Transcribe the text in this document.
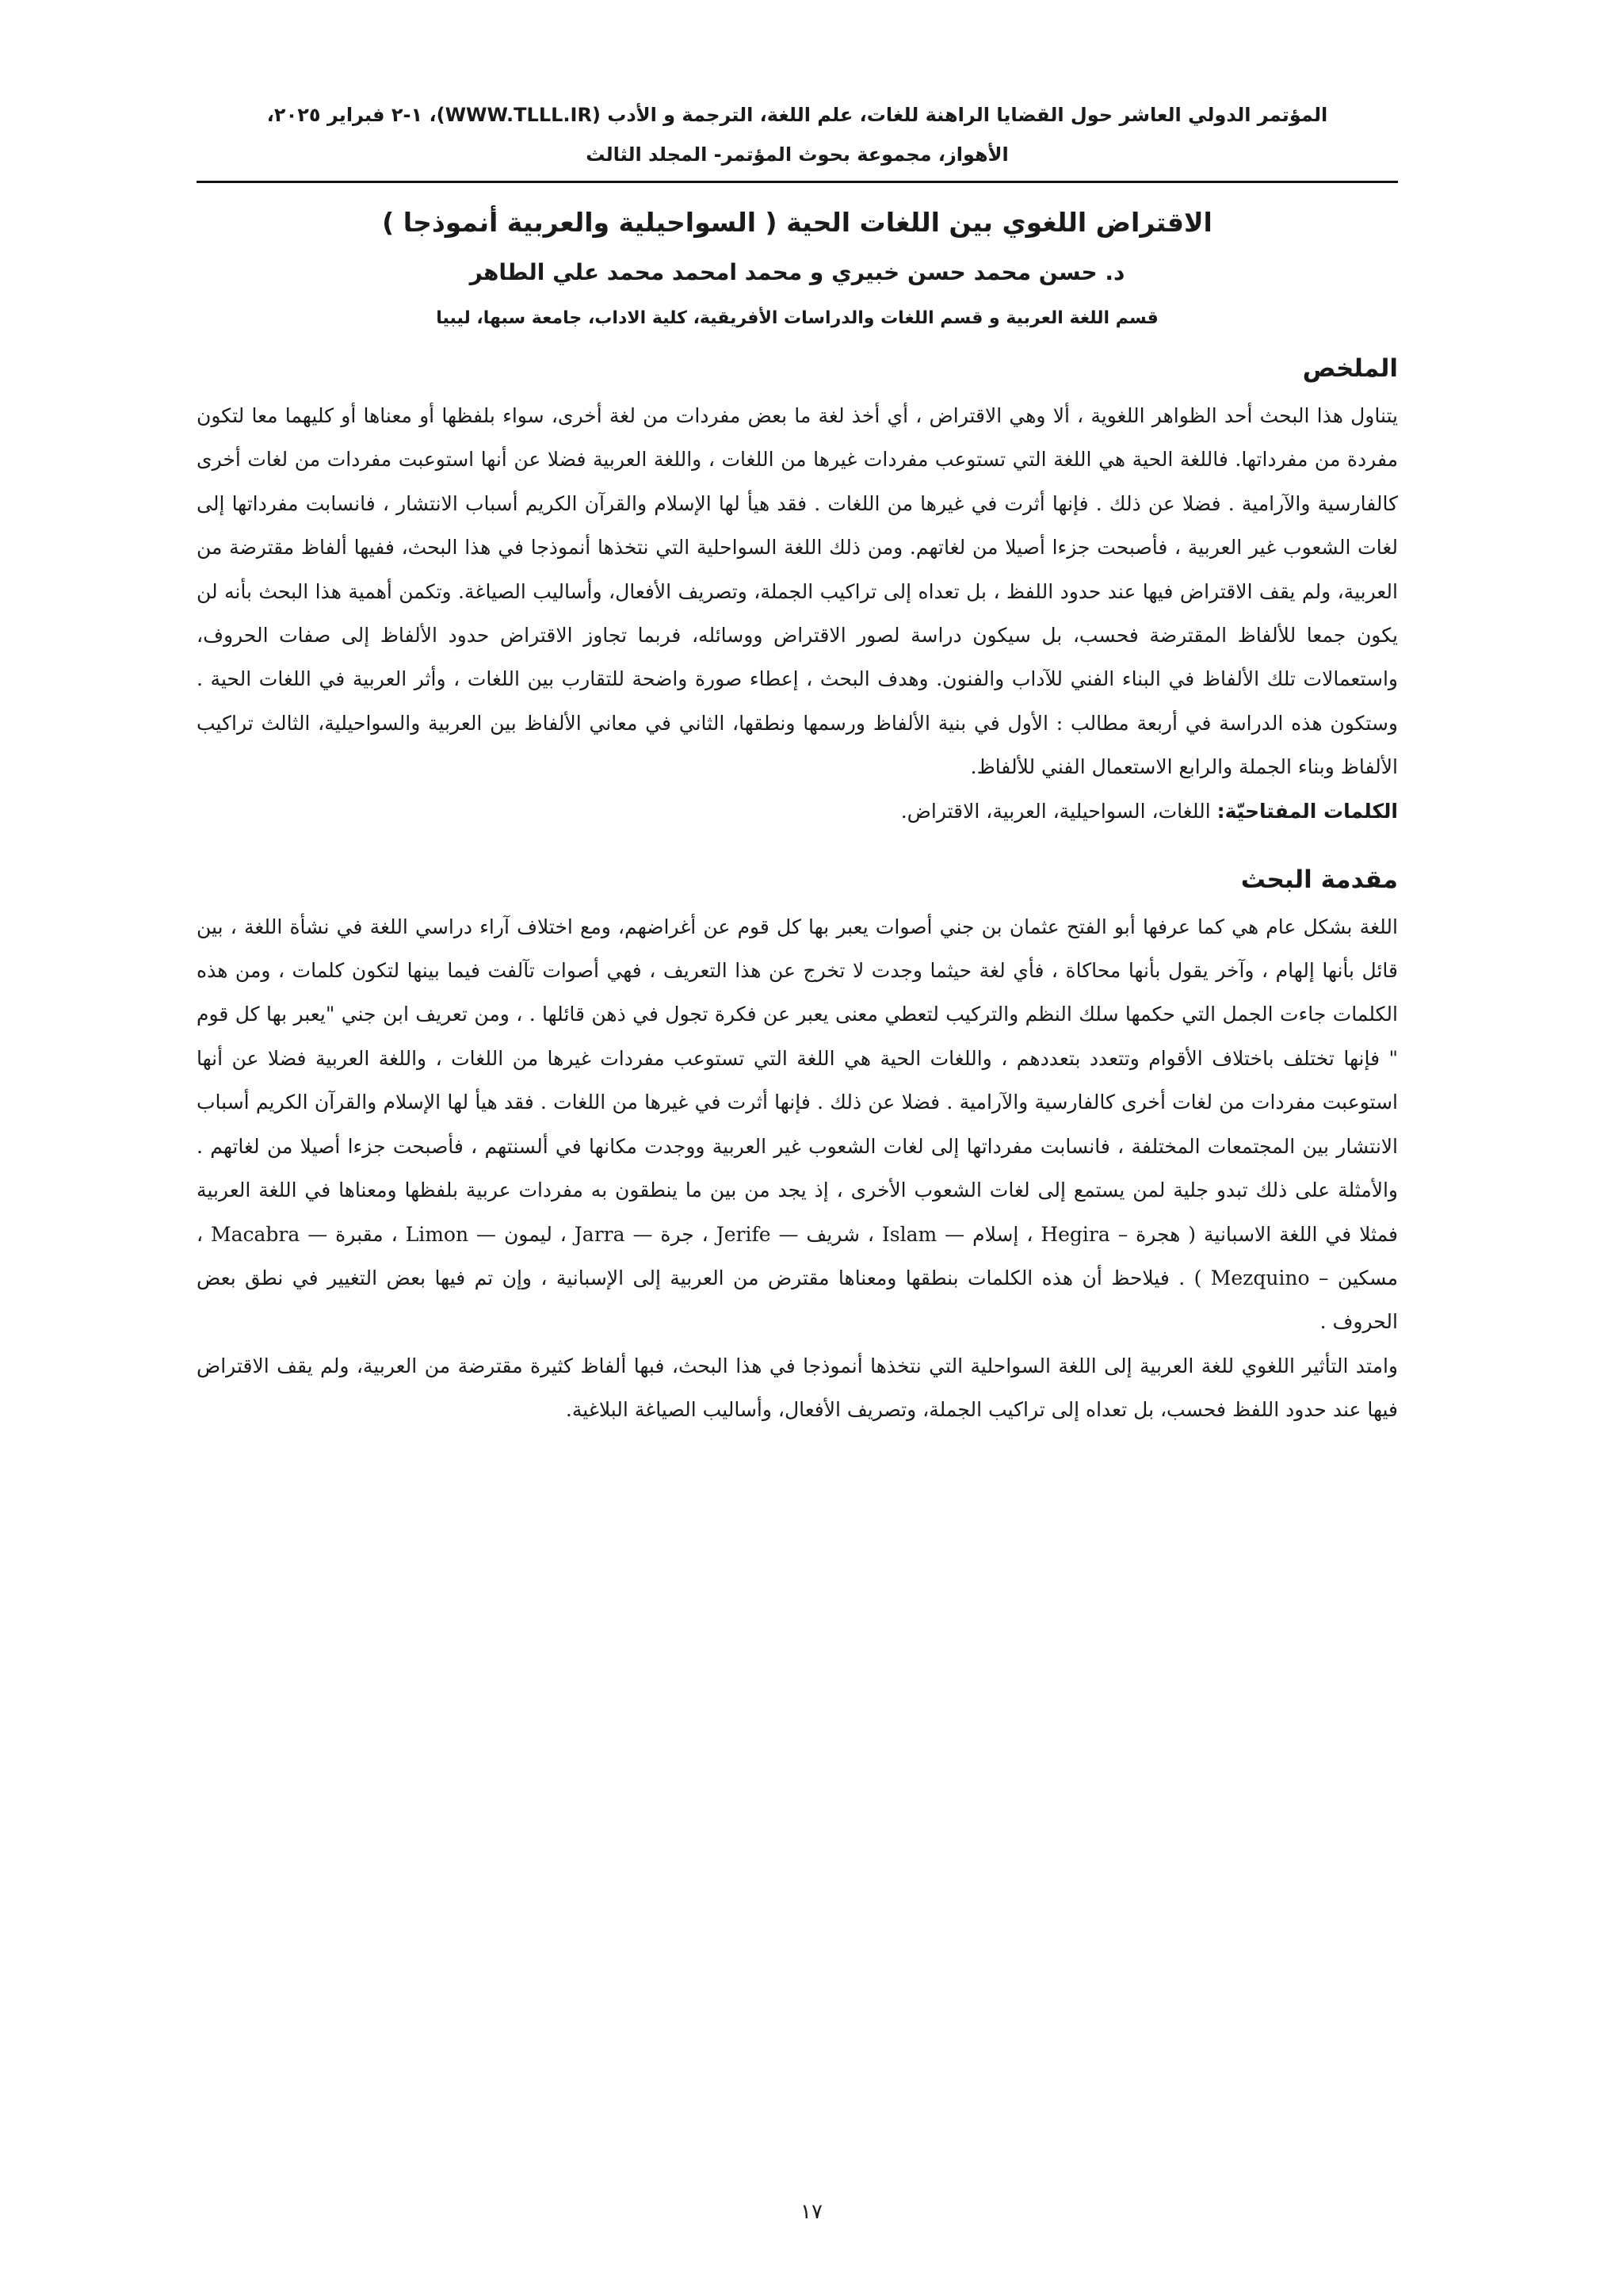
المؤتمر الدولي العاشر حول القضايا الراهنة للغات، علم اللغة، الترجمة و الأدب (WWW.TLLL.IR)، ١-٢ فبراير ٢٠٢٥،
الأهواز، مجموعة بحوث المؤتمر- المجلد الثالث
الاقتراض اللغوي بين اللغات الحية ( السواحيلية والعربية أنموذجا )

د. حسن محمد حسن خبيري و محمد امحمد محمد علي الطاهر

قسم اللغة العربية و قسم اللغات والدراسات الأفريقية، كلية الاداب، جامعة سبها، ليبيا

الملخص

يتناول هذا البحث أحد الظواهر اللغوية ، ألا وهي الاقتراض ، أي أخذ لغة ما بعض مفردات من لغة أخرى، سواء بلفظها أو معناها أو كليهما معا لتكون مفردة من مفرداتها. فاللغة الحية هي اللغة التي تستوعب مفردات غيرها من اللغات ، واللغة العربية فضلا عن أنها استوعبت مفردات من لغات أخرى كالفارسية والآرامية . فضلا عن ذلك . فإنها أثرت في غيرها من اللغات . فقد هيأ لها الإسلام والقرآن الكريم أسباب الانتشار ، فانسابت مفرداتها إلى لغات الشعوب غير العربية ، فأصبحت جزءا أصيلا من لغاتهم. ومن ذلك اللغة السواحلية التي نتخذها أنموذجا في هذا البحث، ففيها ألفاظ مقترضة من العربية، ولم يقف الاقتراض فيها عند حدود اللفظ ، بل تعداه إلى تراكيب الجملة، وتصريف الأفعال، وأساليب الصياغة. وتكمن أهمية هذا البحث بأنه لن يكون جمعا للألفاظ المقترضة فحسب، بل سيكون دراسة لصور الاقتراض ووسائله، فربما تجاوز الاقتراض حدود الألفاظ إلى صفات الحروف، واستعمالات تلك الألفاظ في البناء الفني للآداب والفنون. وهدف البحث ، إعطاء صورة واضحة للتقارب بين اللغات ، وأثر العربية في اللغات الحية . وستكون هذه الدراسة في أربعة مطالب : الأول في بنية الألفاظ ورسمها ونطقها، الثاني في معاني الألفاظ بين العربية والسواحيلية، الثالث تراكيب الألفاظ وبناء الجملة والرابع الاستعمال الفني للألفاظ.

الكلمات المفتاحيّة: اللغات، السواحيلية، العربية، الاقتراض.

مقدمة البحث

اللغة بشكل عام هي كما عرفها أبو الفتح عثمان بن جني أصوات يعبر بها كل قوم عن أغراضهم، ومع اختلاف آراء دراسي اللغة في نشأة اللغة ، بين قائل بأنها إلهام ، وآخر يقول بأنها محاكاة ، فأي لغة حيثما وجدت لا تخرج عن هذا التعريف ، فهي أصوات تآلفت فيما بينها لتكون كلمات ، ومن هذه الكلمات جاءت الجمل التي حكمها سلك النظم والتركيب لتعطي معنى يعبر عن فكرة تجول في ذهن قائلها . ، ومن تعريف ابن جني "يعبر بها كل قوم " فإنها تختلف باختلاف الأقوام وتتعدد بتعددهم ، واللغات الحية هي اللغة التي تستوعب مفردات غيرها من اللغات ، واللغة العربية فضلا عن أنها استوعبت مفردات من لغات أخرى كالفارسية والآرامية . فضلا عن ذلك . فإنها أثرت في غيرها من اللغات . فقد هيأ لها الإسلام والقرآن الكريم أسباب الانتشار بين المجتمعات المختلفة ، فانسابت مفرداتها إلى لغات الشعوب غير العربية ووجدت مكانها في ألسنتهم ، فأصبحت جزءا أصيلا من لغاتهم . والأمثلة على ذلك تبدو جلية لمن يستمع إلى لغات الشعوب الأخرى ، إذ يجد من بين ما ينطقون به مفردات عربية بلفظها ومعناها في اللغة العربية فمثلا في اللغة الاسبانية ( هجرة – Hegira ، إسلام — Islam ، شريف — Jerife ، جرة — Jarra ، ليمون — Limon ، مقبرة — Macabra ، مسكين – Mezquino ) . فيلاحظ أن هذه الكلمات بنطقها ومعناها مقترض من العربية إلى الإسبانية ، وإن تم فيها بعض التغيير في نطق بعض الحروف .

وامتد التأثير اللغوي للغة العربية إلى اللغة السواحلية التي نتخذها أنموذجا في هذا البحث، فبها ألفاظ كثيرة مقترضة من العربية، ولم يقف الاقتراض فيها عند حدود اللفظ فحسب، بل تعداه إلى تراكيب الجملة، وتصريف الأفعال، وأساليب الصياغة البلاغية.

١٧
